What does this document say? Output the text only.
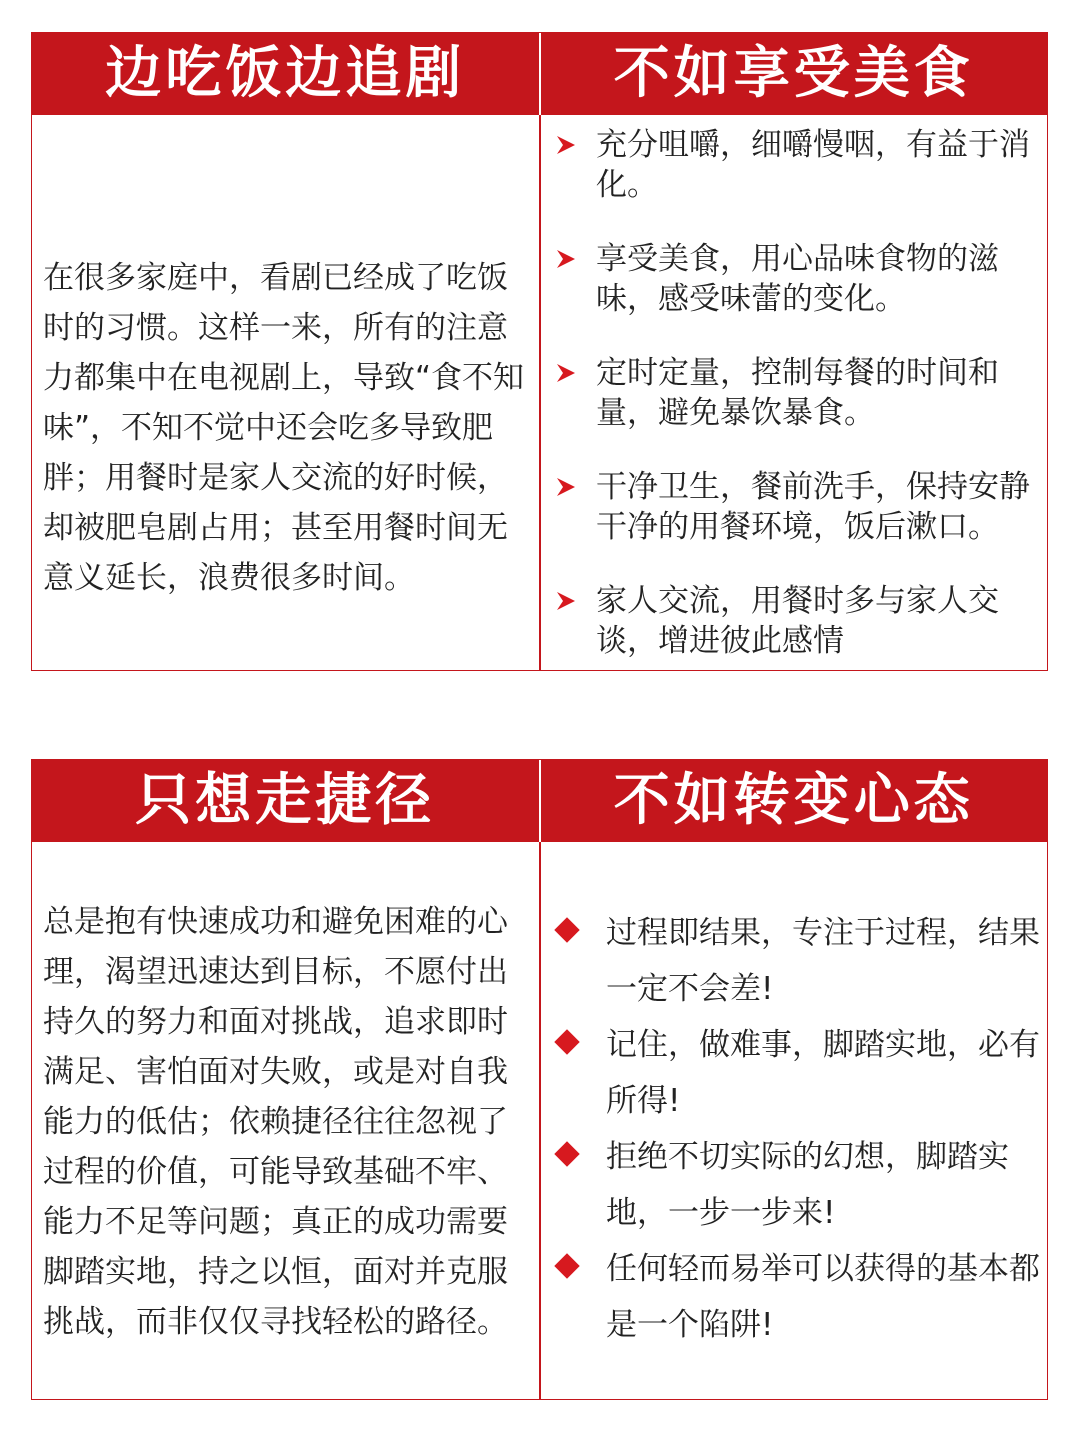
边吃饭边追剧	不如享受美食

在很多家庭中，看剧已经成了吃饭时的习惯。这样一来，所有的注意力都集中在电视剧上，导致“食不知味”，不知不觉中还会吃多导致肥胖；用餐时是家人交流的好时候，却被肥皂剧占用；甚至用餐时间无意义延长，浪费很多时间。

充分咀嚼，细嚼慢咽，有益于消化。
享受美食，用心品味食物的滋味，感受味蕾的变化。
定时定量，控制每餐的时间和量，避免暴饮暴食。
干净卫生，餐前洗手，保持安静干净的用餐环境，饭后漱口。
家人交流，用餐时多与家人交谈，增进彼此感情
只想走捷径	不如转变心态

总是抱有快速成功和避免困难的心理，渴望迅速达到目标，不愿付出持久的努力和面对挑战，追求即时满足、害怕面对失败，或是对自我能力的低估；依赖捷径往往忽视了过程的价值，可能导致基础不牢、能力不足等问题；真正的成功需要脚踏实地，持之以恒，面对并克服挑战，而非仅仅寻找轻松的路径。

过程即结果，专注于过程，结果一定不会差!
记住，做难事，脚踏实地，必有所得!
拒绝不切实际的幻想，脚踏实地，一步一步来!
任何轻而易举可以获得的基本都是一个陷阱!
